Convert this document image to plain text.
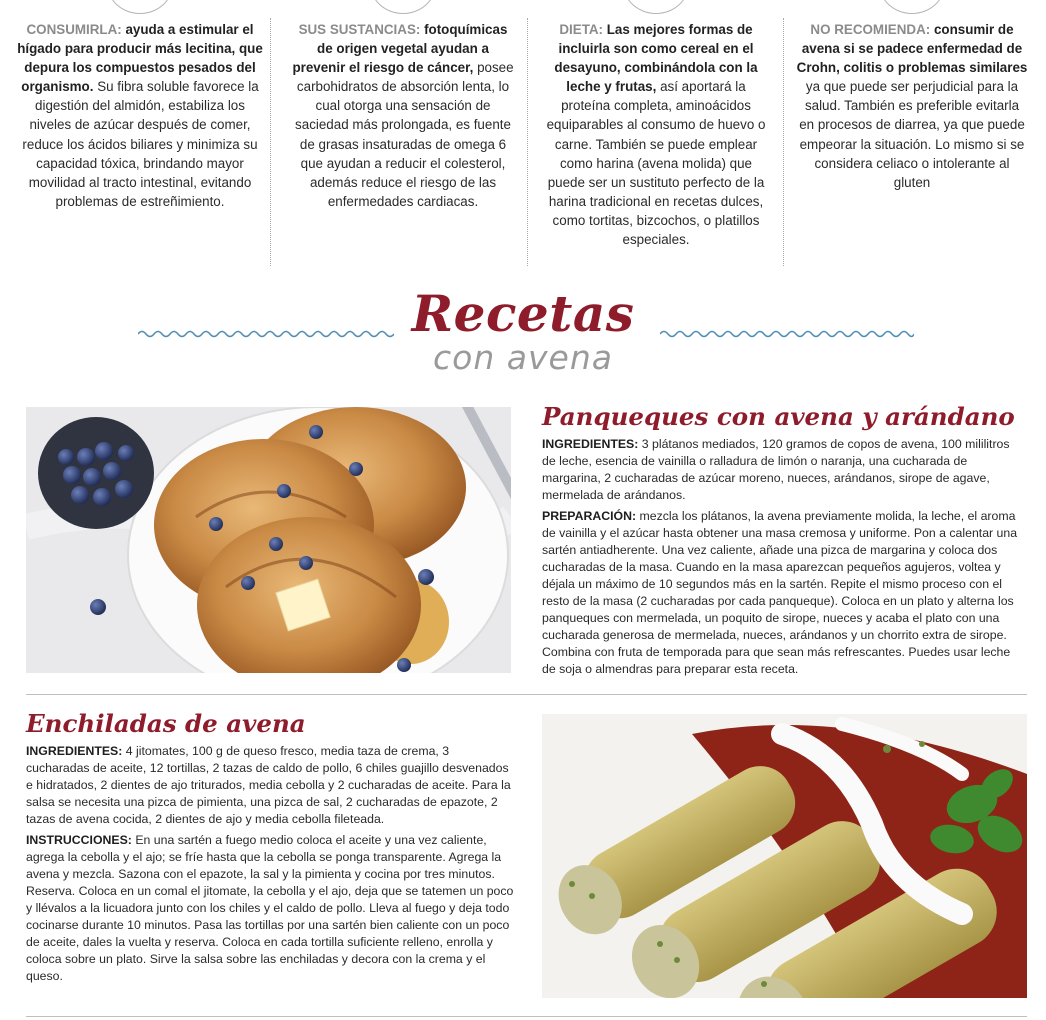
CONSUMIRLA: ayuda a estimular el hígado para producir más lecitina, que depura los compuestos pesados del organismo. Su fibra soluble favorece la digestión del almidón, estabiliza los niveles de azúcar después de comer, reduce los ácidos biliares y minimiza su capacidad tóxica, brindando mayor movilidad al tracto intestinal, evitando problemas de estreñimiento.

SUS SUSTANCIAS: fotoquímicas de origen vegetal ayudan a prevenir el riesgo de cáncer, posee carbohidratos de absorción lenta, lo cual otorga una sensación de saciedad más prolongada, es fuente de grasas insaturadas de omega 6 que ayudan a reducir el colesterol, además reduce el riesgo de las enfermedades cardiacas.

DIETA: Las mejores formas de incluirla son como cereal en el desayuno, combinándola con la leche y frutas, así aportará la proteína completa, aminoácidos equiparables al consumo de huevo o carne. También se puede emplear como harina (avena molida) que puede ser un sustituto perfecto de la harina tradicional en recetas dulces, como tortitas, bizcochos, o platillos especiales.

NO RECOMIENDA: consumir de avena si se padece enfermedad de Crohn, colitis o problemas similares ya que puede ser perjudicial para la salud. También es preferible evitarla en procesos de diarrea, ya que puede empeorar la situación. Lo mismo si se considera celiaco o intolerante al gluten

Recetas
con avena
Panqueques con avena y arándano

INGREDIENTES: 3 plátanos mediados, 120 gramos de copos de avena, 100 mililitros de leche, esencia de vainilla o ralladura de limón o naranja, una cucharada de margarina, 2 cucharadas de azúcar moreno, nueces, arándanos, sirope de agave, mermelada de arándanos.

PREPARACIÓN: mezcla los plátanos, la avena previamente molida, la leche, el aroma de vainilla y el azúcar hasta obtener una masa cremosa y uniforme. Pon a calentar una sartén antiadherente. Una vez caliente, añade una pizca de margarina y coloca dos cucharadas de la masa. Cuando en la masa aparezcan pequeños agujeros, voltea y déjala un máximo de 10 segundos más en la sartén. Repite el mismo proceso con el resto de la masa (2 cucharadas por cada panqueque). Coloca en un plato y alterna los panqueques con mermelada, un poquito de sirope, nueces y acaba el plato con una cucharada generosa de mermelada, nueces, arándanos y un chorrito extra de sirope. Combina con fruta de temporada para que sean más refrescantes. Puedes usar leche de soja o almendras para preparar esta receta.

Enchiladas de avena

INGREDIENTES: 4 jitomates, 100 g de queso fresco, media taza de crema, 3 cucharadas de aceite, 12 tortillas, 2 tazas de caldo de pollo, 6 chiles guajillo desvenados e hidratados, 2 dientes de ajo triturados, media cebolla y 2 cucharadas de aceite. Para la salsa se necesita una pizca de pimienta, una pizca de sal, 2 cucharadas de epazote, 2 tazas de avena cocida, 2 dientes de ajo y media cebolla fileteada.

INSTRUCCIONES: En una sartén a fuego medio coloca el aceite y una vez caliente, agrega la cebolla y el ajo; se fríe hasta que la cebolla se ponga transparente. Agrega la avena y mezcla. Sazona con el epazote, la sal y la pimienta y cocina por tres minutos. Reserva. Coloca en un comal el jitomate, la cebolla y el ajo, deja que se tatemen un poco y llévalos a la licuadora junto con los chiles y el caldo de pollo. Lleva al fuego y deja todo cocinarse durante 10 minutos. Pasa las tortillas por una sartén bien caliente con un poco de aceite, dales la vuelta y reserva. Coloca en cada tortilla suficiente relleno, enrolla y coloca sobre un plato. Sirve la salsa sobre las enchiladas y decora con la crema y el queso.
